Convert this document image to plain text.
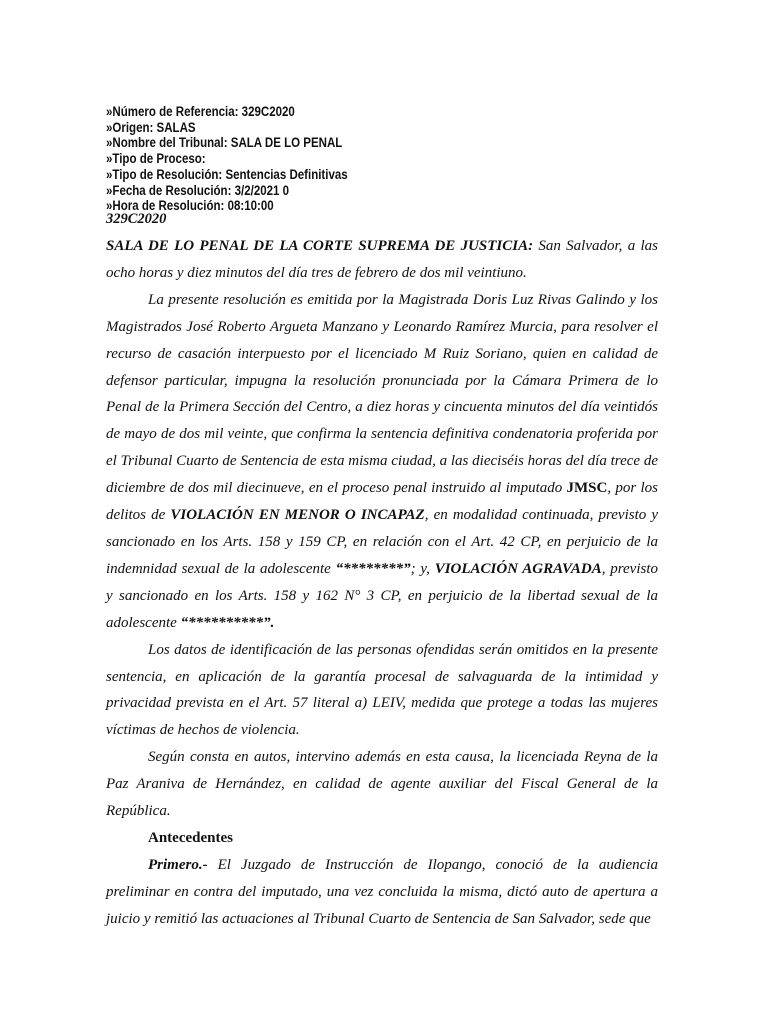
»Número de Referencia: 329C2020
»Origen: SALAS
»Nombre del Tribunal: SALA DE LO PENAL
»Tipo de Proceso:
»Tipo de Resolución: Sentencias Definitivas
»Fecha de Resolución: 3/2/2021 0
»Hora de Resolución: 08:10:00
329C2020

SALA DE LO PENAL DE LA CORTE SUPREMA DE JUSTICIA: San Salvador, a las ocho horas y diez minutos del día tres de febrero de dos mil veintiuno.

La presente resolución es emitida por la Magistrada Doris Luz Rivas Galindo y los Magistrados José Roberto Argueta Manzano y Leonardo Ramírez Murcia, para resolver el recurso de casación interpuesto por el licenciado M Ruiz Soriano, quien en calidad de defensor particular, impugna la resolución pronunciada por la Cámara Primera de lo Penal de la Primera Sección del Centro, a diez horas y cincuenta minutos del día veintidós de mayo de dos mil veinte, que confirma la sentencia definitiva condenatoria proferida por el Tribunal Cuarto de Sentencia de esta misma ciudad, a las dieciséis horas del día trece de diciembre de dos mil diecinueve, en el proceso penal instruido al imputado JMSC, por los delitos de VIOLACIÓN EN MENOR O INCAPAZ, en modalidad continuada, previsto y sancionado en los Arts. 158 y 159 CP, en relación con el Art. 42 CP, en perjuicio de la indemnidad sexual de la adolescente “********”; y, VIOLACIÓN AGRAVADA, previsto y sancionado en los Arts. 158 y 162 N° 3 CP, en perjuicio de la libertad sexual de la adolescente “**********”.

Los datos de identificación de las personas ofendidas serán omitidos en la presente sentencia, en aplicación de la garantía procesal de salvaguarda de la intimidad y privacidad prevista en el Art. 57 literal a) LEIV, medida que protege a todas las mujeres víctimas de hechos de violencia.

Según consta en autos, intervino además en esta causa, la licenciada Reyna de la Paz Araniva de Hernández, en calidad de agente auxiliar del Fiscal General de la República.

Antecedentes

Primero.- El Juzgado de Instrucción de Ilopango, conoció de la audiencia preliminar en contra del imputado, una vez concluida la misma, dictó auto de apertura a juicio y remitió las actuaciones al Tribunal Cuarto de Sentencia de San Salvador, sede que
